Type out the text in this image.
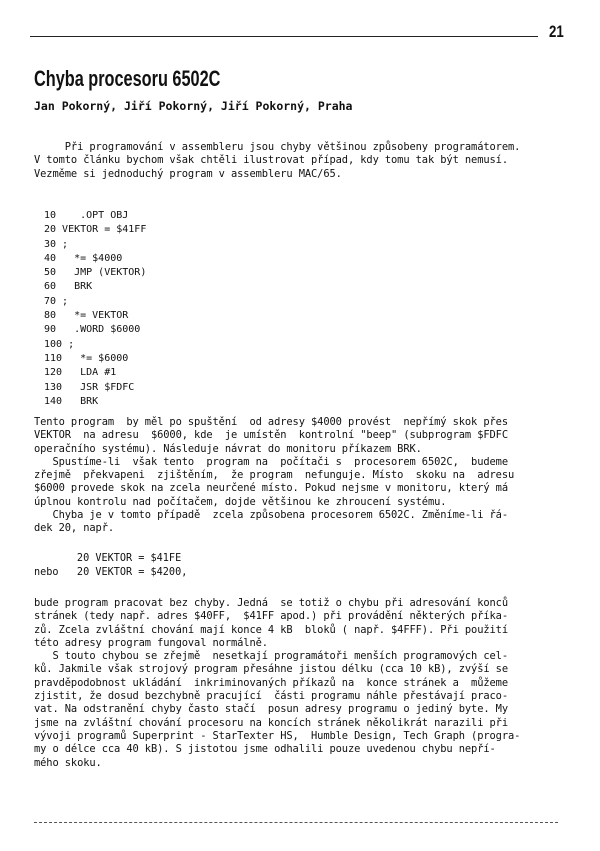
21
Chyba procesoru 6502C
Jan Pokorný, Jiří Pokorný, Jiří Pokorný, Praha
Při programování v assembleru jsou chyby většinou způsobeny programátorem.
V tomto článku bychom však chtěli ilustrovat případ, kdy tomu tak být nemusí.
Vezměme si jednoduchý program v assembleru MAC/65.
10    .OPT OBJ
20 VEKTOR = $41FF
30 ;
40   *= $4000
50   JMP (VEKTOR)
60   BRK
70 ;
80   *= VEKTOR
90   .WORD $6000
100 ;
110   *= $6000
120   LDA #1
130   JSR $FDFC
140   BRK
Tento program  by měl po spuštění  od adresy $4000 provést  nepřímý skok přes
VEKTOR  na adresu  $6000, kde  je umístěn  kontrolní "beep" (subprogram $FDFC
operačního systému). Následuje návrat do monitoru příkazem BRK.
Spustíme-li  však tento  program na  počítači s  procesorem 6502C,  budeme
zřejmě  překvapeni  zjištěním,  že program  nefunguje. Místo  skoku na  adresu
$6000 provede skok na zcela neurčené místo. Pokud nejsme v monitoru, který má
úplnou kontrolu nad počítačem, dojde většinou ke zhroucení systému.
Chyba je v tomto případě  zcela způsobena procesorem 6502C. Změníme-li řá-
dek 20, např.
20 VEKTOR = $41FE
nebo   20 VEKTOR = $4200,
bude program pracovat bez chyby. Jedná  se totiž o chybu při adresování konců
stránek (tedy např. adres $40FF,  $41FF apod.) při provádění některých příka-
zů. Zcela zvláštní chování mají konce 4 kB  bloků ( např. $4FFF). Při použití
této adresy program fungoval normálně.
S touto chybou se zřejmě  nesetkají programátoři menších programových cel-
ků. Jakmile však strojový program přesáhne jistou délku (cca 10 kB), zvýší se
pravděpodobnost ukládání  inkriminovaných příkazů na  konce stránek a  můžeme
zjistit, že dosud bezchybně pracující  části programu náhle přestávají praco-
vat. Na odstranění chyby často stačí  posun adresy programu o jediný byte. My
jsme na zvláštní chování procesoru na koncích stránek několikrát narazili při
vývoji programů Superprint - StarTexter HS,  Humble Design, Tech Graph (progra-
my o délce cca 40 kB). S jistotou jsme odhalili pouze uvedenou chybu nepří-
mého skoku.
